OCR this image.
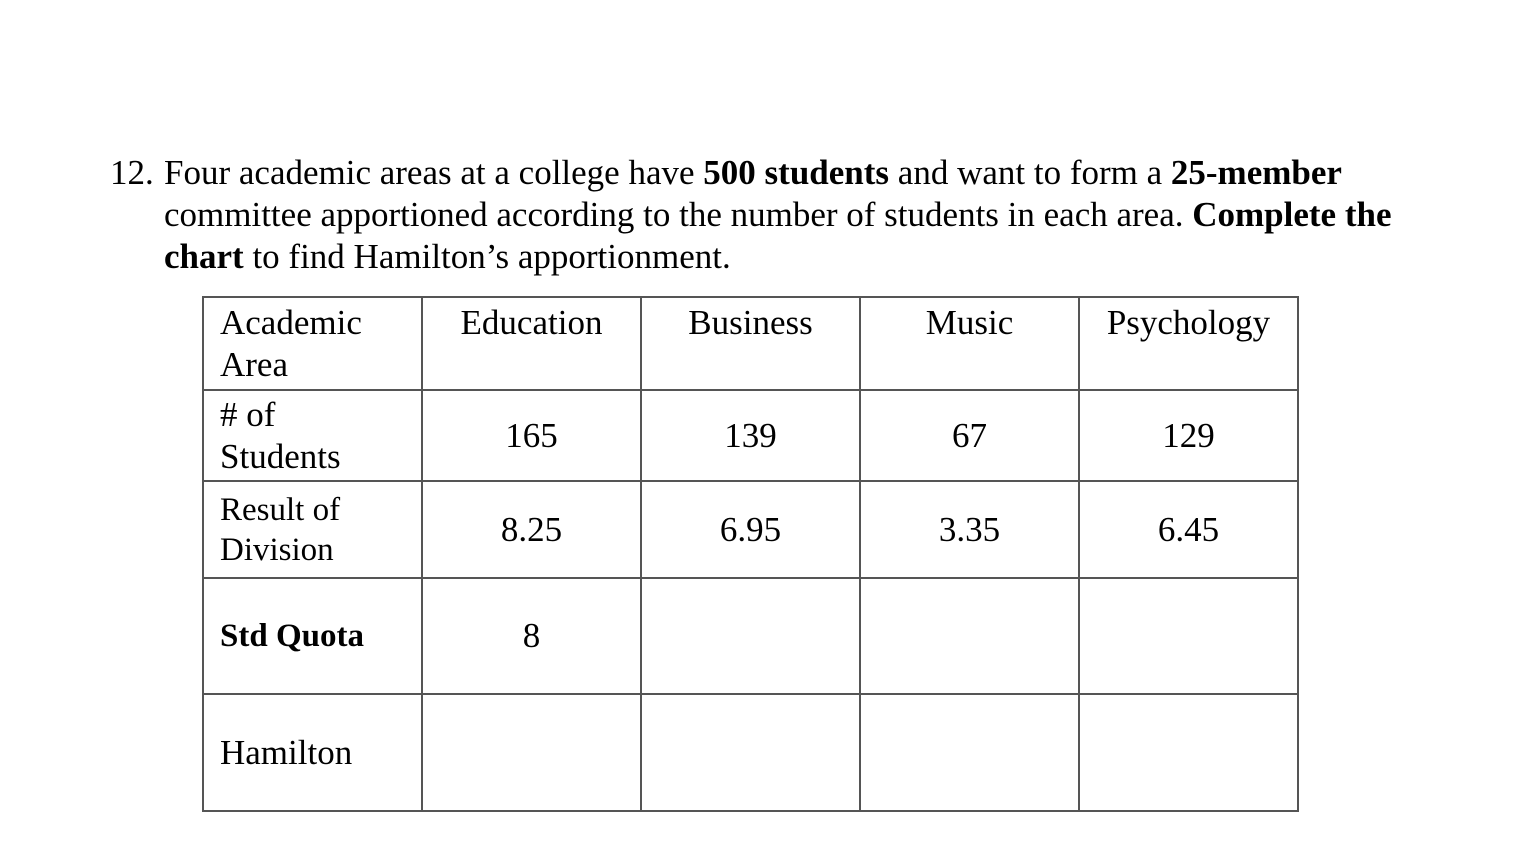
12. Four academic areas at a college have 500 students and want to form a 25-member
committee apportioned according to the number of students in each area. Complete the
chart to find Hamilton’s apportionment.
Academic
Area	Education	Business	Music	Psychology
# of
Students	165	139	67	129
Result of
Division	8.25	6.95	3.35	6.45
Std Quota	8			
Hamilton				
